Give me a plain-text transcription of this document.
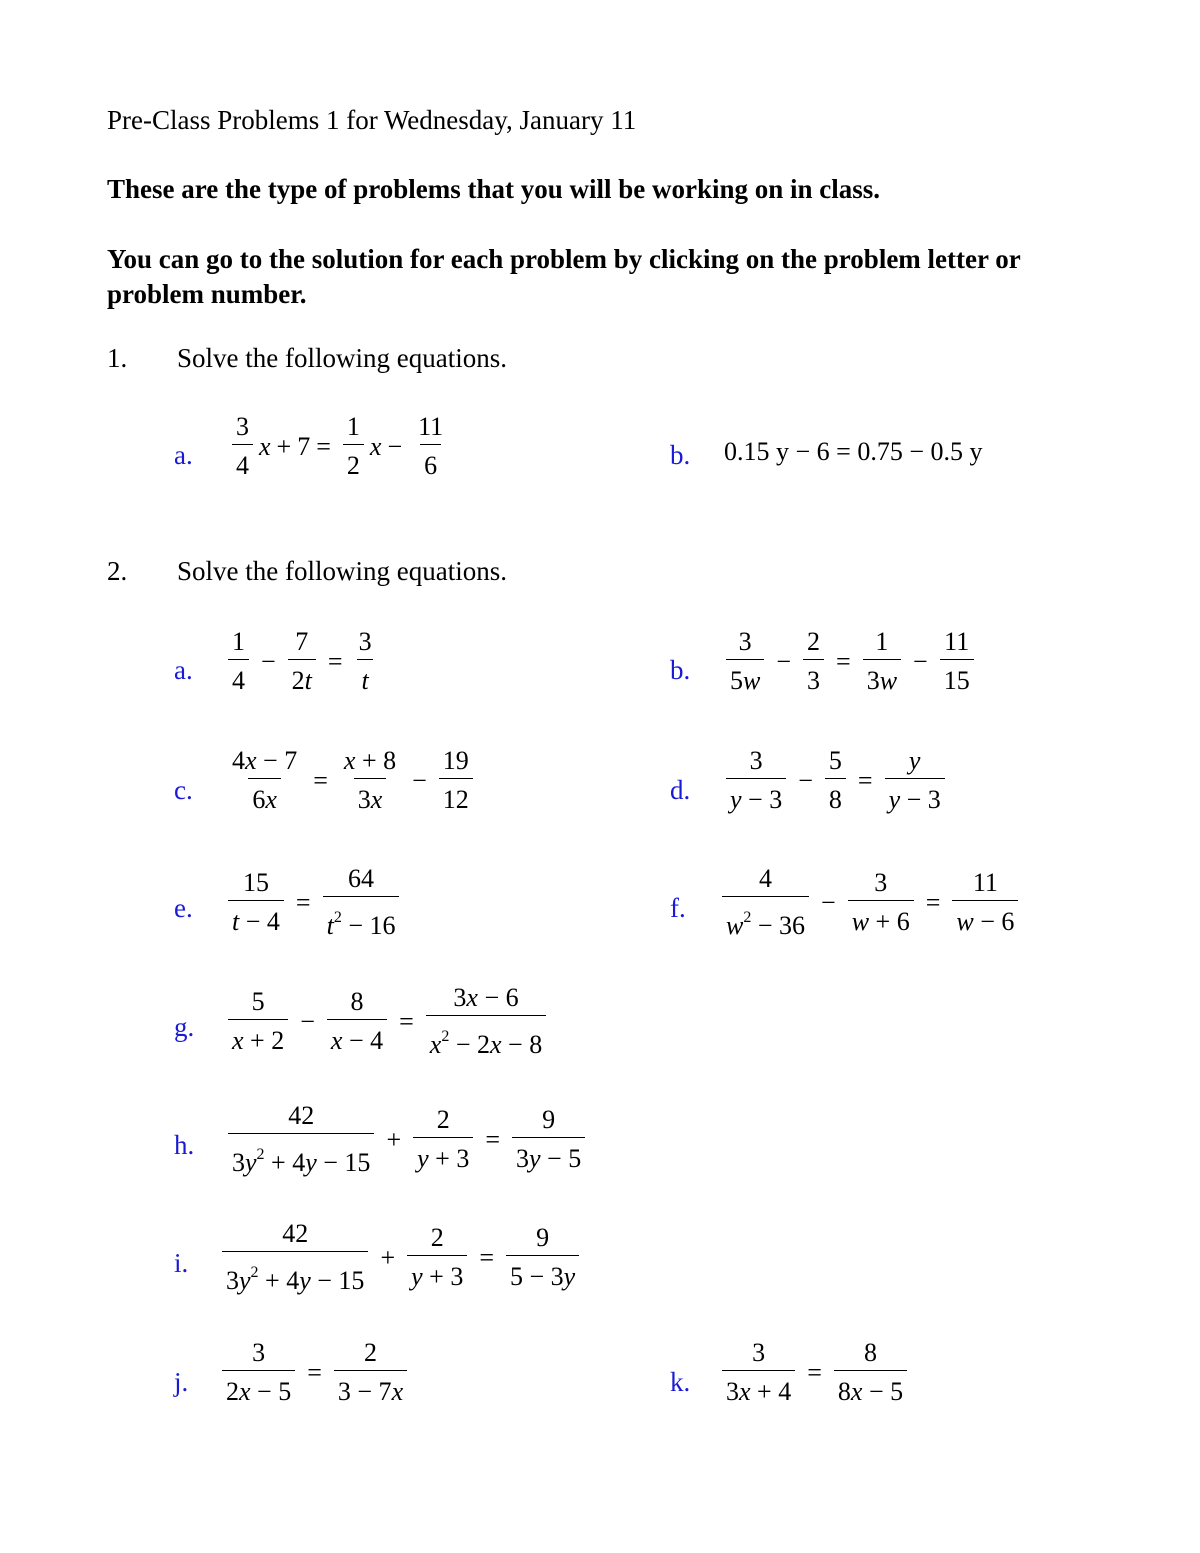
Pre-Class Problems 1 for Wednesday, January 11
These are the type of problems that you will be working on in class.
You can go to the solution for each problem by clicking on the problem letter or problem number.
1. Solve the following equations.
a. $\frac{3}{4}$ $x + 7 = \frac{1}{2}$ $x - \frac{11}{6}$	b. 0.15 y − 6 = 0.75 − 0.5 y
2. Solve the following equations.
a. $\frac{1}{4} - \frac{7}{2t} = \frac{3}{t}$	b. $\frac{3}{5w} - \frac{2}{3} = \frac{1}{3w} - \frac{11}{15}$
c. $\frac{4x - 7}{6x} = \frac{x + 8}{3x} - \frac{19}{12}$	d. $\frac{3}{y - 3} - \frac{5}{8} = \frac{y}{y - 3}$
e. $\frac{15}{t - 4} = \frac{64}{t^2 - 16}$	f. $\frac{4}{w^2 - 36} - \frac{3}{w + 6} = \frac{11}{w - 6}$
g. $\frac{5}{x + 2} - \frac{8}{x - 4} = \frac{3x - 6}{x^2 - 2x - 8}$
h. $\frac{42}{3y^2 + 4y - 15} + \frac{2}{y + 3} = \frac{9}{3y - 5}$
i. $\frac{42}{3y^2 + 4y - 15} + \frac{2}{y + 3} = \frac{9}{5 - 3y}$
j. $\frac{3}{2x - 5} = \frac{2}{3 - 7x}$	k. $\frac{3}{3x + 4} = \frac{8}{8x - 5}$
